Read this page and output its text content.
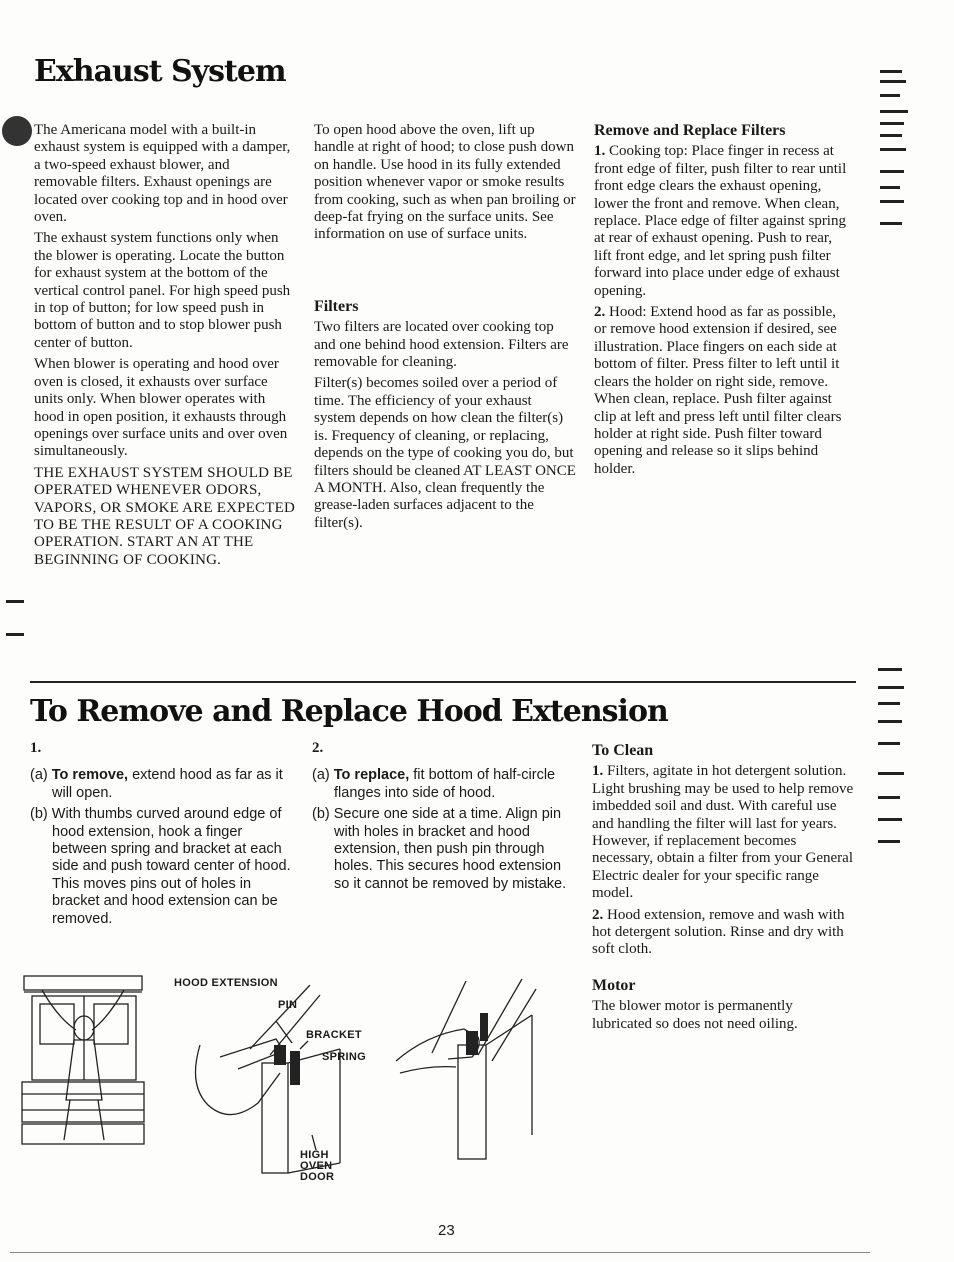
Exhaust System

The Americana model with a built-in exhaust system is equipped with a damper, a two-speed exhaust blower, and removable filters. Exhaust openings are located over cooking top and in hood over oven.

The exhaust system functions only when the blower is operating. Locate the button for exhaust system at the bottom of the vertical control panel. For high speed push in top of button; for low speed push in bottom of button and to stop blower push center of button.

When blower is operating and hood over oven is closed, it exhausts over surface units only. When blower operates with hood in open position, it exhausts through openings over surface units and over oven simultaneously.

THE EXHAUST SYSTEM SHOULD BE OPERATED WHENEVER ODORS, VAPORS, OR SMOKE ARE EXPECTED TO BE THE RESULT OF A COOKING OPERATION. START AN AT THE BEGINNING OF COOKING.

To open hood above the oven, lift up handle at right of hood; to close push down on handle. Use hood in its fully extended position whenever vapor or smoke results from cooking, such as when pan broiling or deep-fat frying on the surface units. See information on use of surface units.

Filters

Two filters are located over cooking top and one behind hood extension. Filters are removable for cleaning.

Filter(s) becomes soiled over a period of time. The efficiency of your exhaust system depends on how clean the filter(s) is. Frequency of cleaning, or replacing, depends on the type of cooking you do, but filters should be cleaned AT LEAST ONCE A MONTH. Also, clean frequently the grease-laden surfaces adjacent to the filter(s).

Remove and Replace Filters

1. Cooking top: Place finger in recess at front edge of filter, push filter to rear until front edge clears the exhaust opening, lower the front and remove. When clean, replace. Place edge of filter against spring at rear of exhaust opening. Push to rear, lift front edge, and let spring push filter forward into place under edge of exhaust opening.

2. Hood: Extend hood as far as possible, or remove hood extension if desired, see illustration. Place fingers on each side at bottom of filter. Press filter to left until it clears the holder on right side, remove. When clean, replace. Push filter against clip at left and press left until filter clears holder at right side. Push filter toward opening and release so it slips behind holder.

To Remove and Replace Hood Extension

1.

(a) To remove, extend hood as far as it will open.

(b) With thumbs curved around edge of hood extension, hook a finger between spring and bracket at each side and push toward center of hood. This moves pins out of holes in bracket and hood extension can be removed.

2.

(a) To replace, fit bottom of half-circle flanges into side of hood.

(b) Secure one side at a time. Align pin with holes in bracket and hood extension, then push pin through holes. This secures hood extension so it cannot be removed by mistake.

To Clean

1. Filters, agitate in hot detergent solution. Light brushing may be used to help remove imbedded soil and dust. With careful use and handling the filter will last for years. However, if replacement becomes necessary, obtain a filter from your General Electric dealer for your specific range model.

2. Hood extension, remove and wash with hot detergent solution. Rinse and dry with soft cloth.

Motor

The blower motor is permanently lubricated so does not need oiling.

HOOD EXTENSION
PIN
BRACKET
SPRING
HIGH OVEN DOOR
23
